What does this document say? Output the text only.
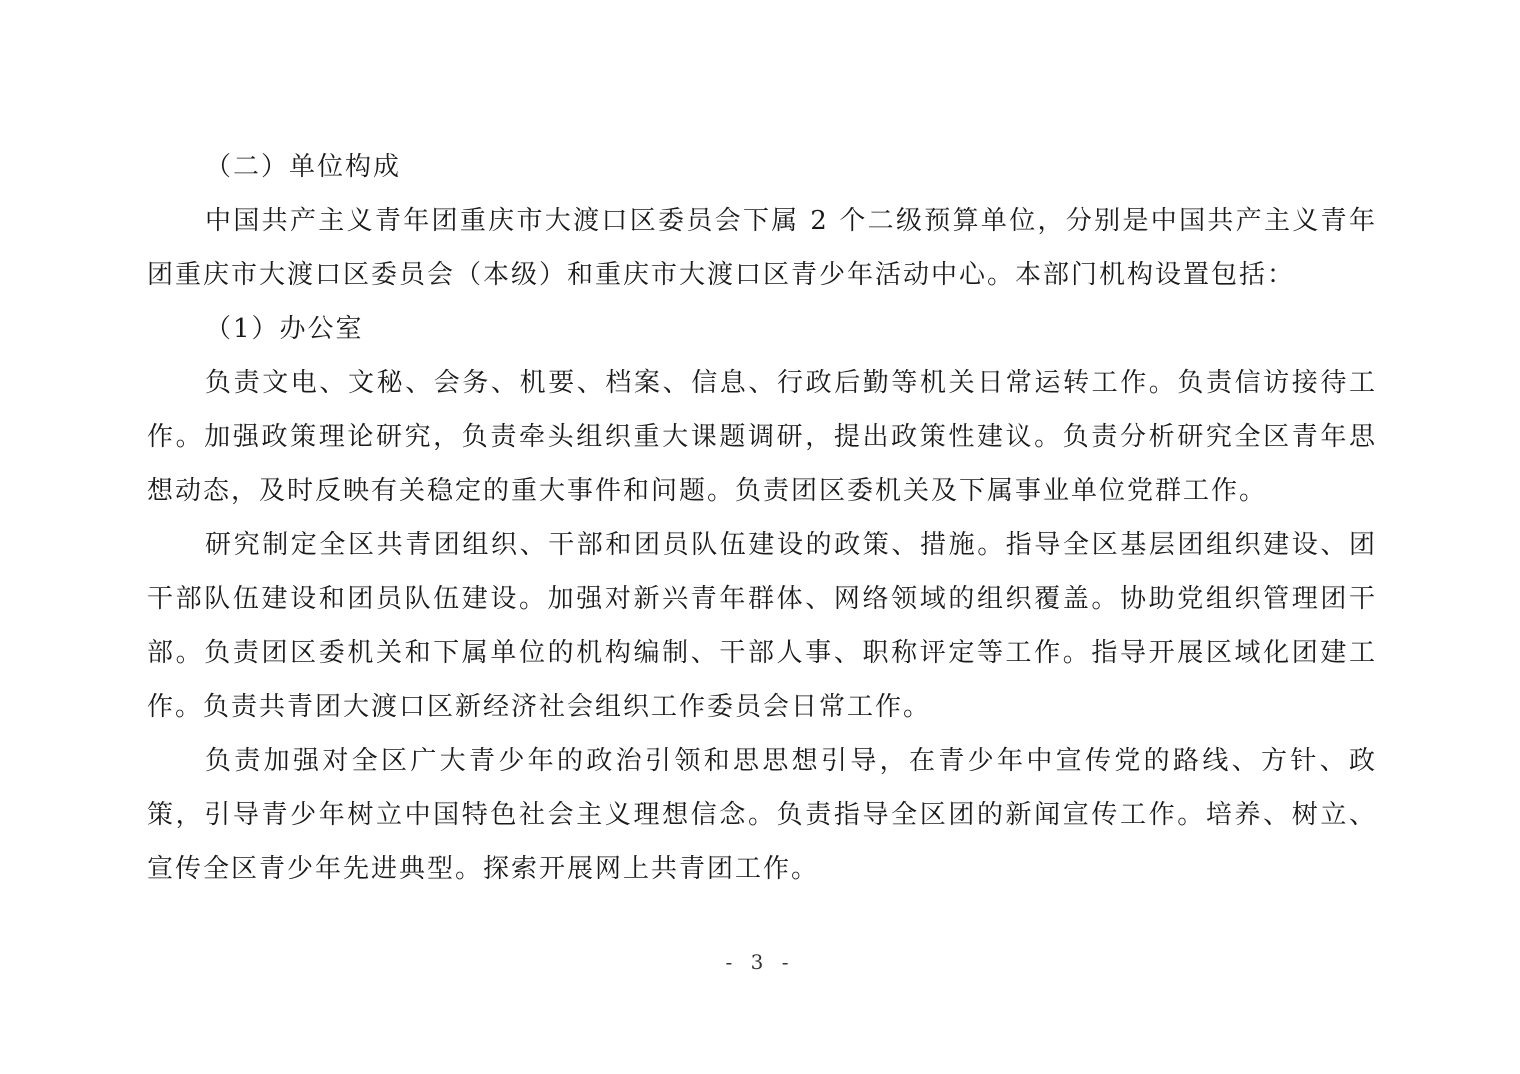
（二）单位构成

中国共产主义青年团重庆市大渡口区委员会下属 2 个二级预算单位，分别是中国共产主义青年团重庆市大渡口区委员会（本级）和重庆市大渡口区青少年活动中心。本部门机构设置包括：

（1）办公室

负责文电、文秘、会务、机要、档案、信息、行政后勤等机关日常运转工作。负责信访接待工作。加强政策理论研究，负责牵头组织重大课题调研，提出政策性建议。负责分析研究全区青年思想动态，及时反映有关稳定的重大事件和问题。负责团区委机关及下属事业单位党群工作。

研究制定全区共青团组织、干部和团员队伍建设的政策、措施。指导全区基层团组织建设、团干部队伍建设和团员队伍建设。加强对新兴青年群体、网络领域的组织覆盖。协助党组织管理团干部。负责团区委机关和下属单位的机构编制、干部人事、职称评定等工作。指导开展区域化团建工作。负责共青团大渡口区新经济社会组织工作委员会日常工作。

负责加强对全区广大青少年的政治引领和思思想引导，在青少年中宣传党的路线、方针、政策，引导青少年树立中国特色社会主义理想信念。负责指导全区团的新闻宣传工作。培养、树立、宣传全区青少年先进典型。探索开展网上共青团工作。

- 3 -
